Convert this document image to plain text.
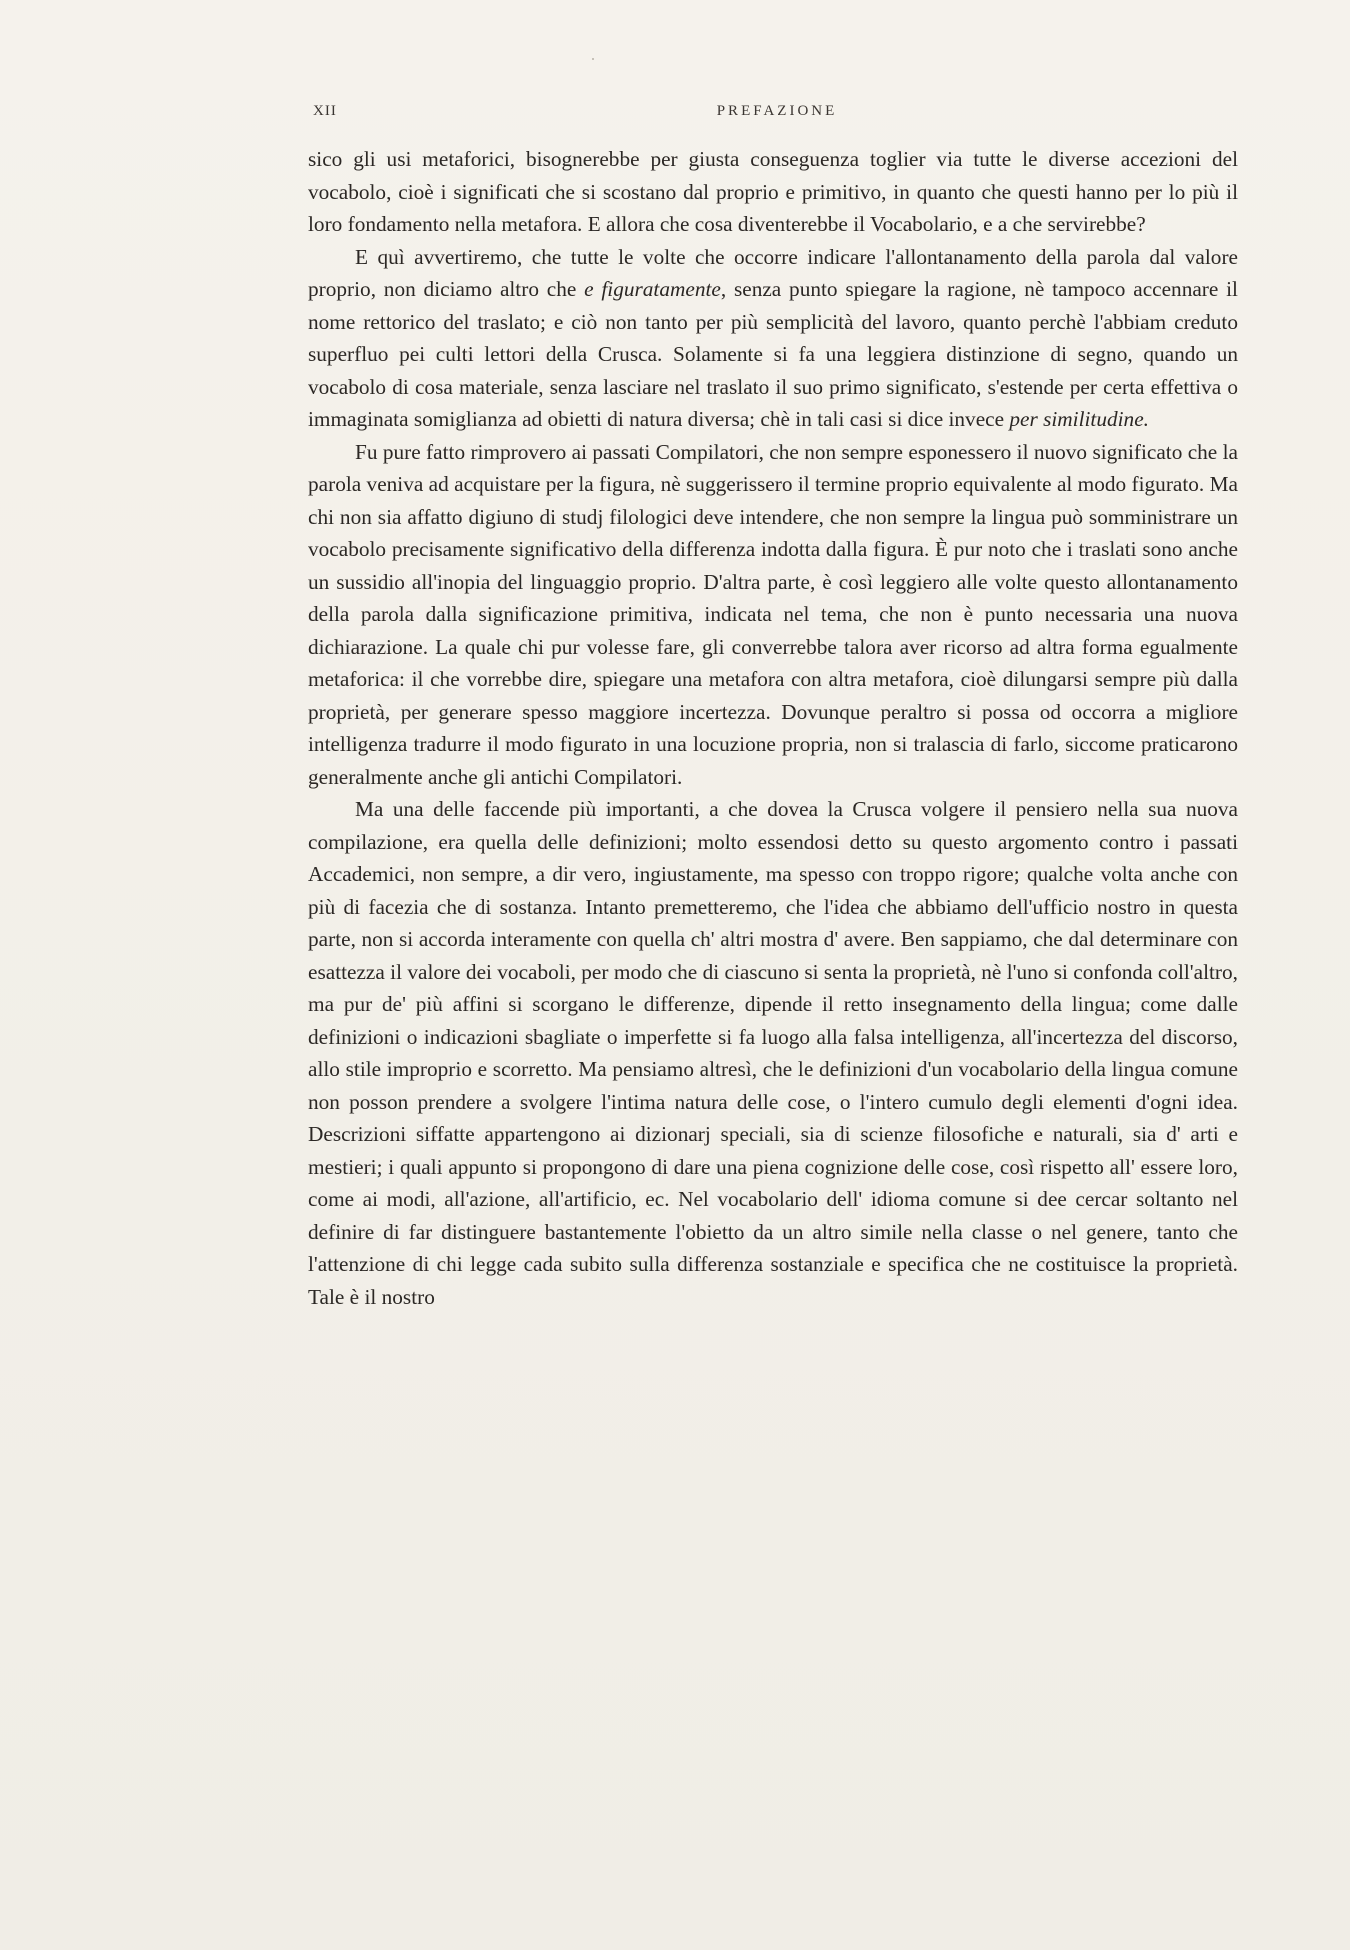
XII	PREFAZIONE

sico gli usi metaforici, bisognerebbe per giusta conseguenza toglier via tutte le diverse accezioni del vocabolo, cioè i significati che si scostano dal proprio e primitivo, in quanto che questi hanno per lo più il loro fondamento nella metafora. E allora che cosa diventerebbe il Vocabolario, e a che servirebbe?

E quì avvertiremo, che tutte le volte che occorre indicare l'allontanamento della parola dal valore proprio, non diciamo altro che e figuratamente, senza punto spiegare la ragione, nè tampoco accennare il nome rettorico del traslato; e ciò non tanto per più semplicità del lavoro, quanto perchè l'abbiam creduto superfluo pei culti lettori della Crusca. Solamente si fa una leggiera distinzione di segno, quando un vocabolo di cosa materiale, senza lasciare nel traslato il suo primo significato, s'estende per certa effettiva o immaginata somiglianza ad obietti di natura diversa; chè in tali casi si dice invece per similitudine.

Fu pure fatto rimprovero ai passati Compilatori, che non sempre esponessero il nuovo significato che la parola veniva ad acquistare per la figura, nè suggerissero il termine proprio equivalente al modo figurato. Ma chi non sia affatto digiuno di studj filologici deve intendere, che non sempre la lingua può somministrare un vocabolo precisamente significativo della differenza indotta dalla figura. È pur noto che i traslati sono anche un sussidio all'inopia del linguaggio proprio. D'altra parte, è così leggiero alle volte questo allontanamento della parola dalla significazione primitiva, indicata nel tema, che non è punto necessaria una nuova dichiarazione. La quale chi pur volesse fare, gli converrebbe talora aver ricorso ad altra forma egualmente metaforica: il che vorrebbe dire, spiegare una metafora con altra metafora, cioè dilungarsi sempre più dalla proprietà, per generare spesso maggiore incertezza. Dovunque peraltro si possa od occorra a migliore intelligenza tradurre il modo figurato in una locuzione propria, non si tralascia di farlo, siccome praticarono generalmente anche gli antichi Compilatori.

Ma una delle faccende più importanti, a che dovea la Crusca volgere il pensiero nella sua nuova compilazione, era quella delle definizioni; molto essendosi detto su questo argomento contro i passati Accademici, non sempre, a dir vero, ingiustamente, ma spesso con troppo rigore; qualche volta anche con più di facezia che di sostanza. Intanto premetteremo, che l'idea che abbiamo dell'ufficio nostro in questa parte, non si accorda interamente con quella ch' altri mostra d' avere. Ben sappiamo, che dal determinare con esattezza il valore dei vocaboli, per modo che di ciascuno si senta la proprietà, nè l'uno si confonda coll'altro, ma pur de' più affini si scorgano le differenze, dipende il retto insegnamento della lingua; come dalle definizioni o indicazioni sbagliate o imperfette si fa luogo alla falsa intelligenza, all'incertezza del discorso, allo stile improprio e scorretto. Ma pensiamo altresì, che le definizioni d'un vocabolario della lingua comune non posson prendere a svolgere l'intima natura delle cose, o l'intero cumulo degli elementi d'ogni idea. Descrizioni siffatte appartengono ai dizionarj speciali, sia di scienze filosofiche e naturali, sia d' arti e mestieri; i quali appunto si propongono di dare una piena cognizione delle cose, così rispetto all' essere loro, come ai modi, all'azione, all'artificio, ec. Nel vocabolario dell' idioma comune si dee cercar soltanto nel definire di far distinguere bastantemente l'obietto da un altro simile nella classe o nel genere, tanto che l'attenzione di chi legge cada subito sulla differenza sostanziale e specifica che ne costituisce la proprietà. Tale è il nostro
